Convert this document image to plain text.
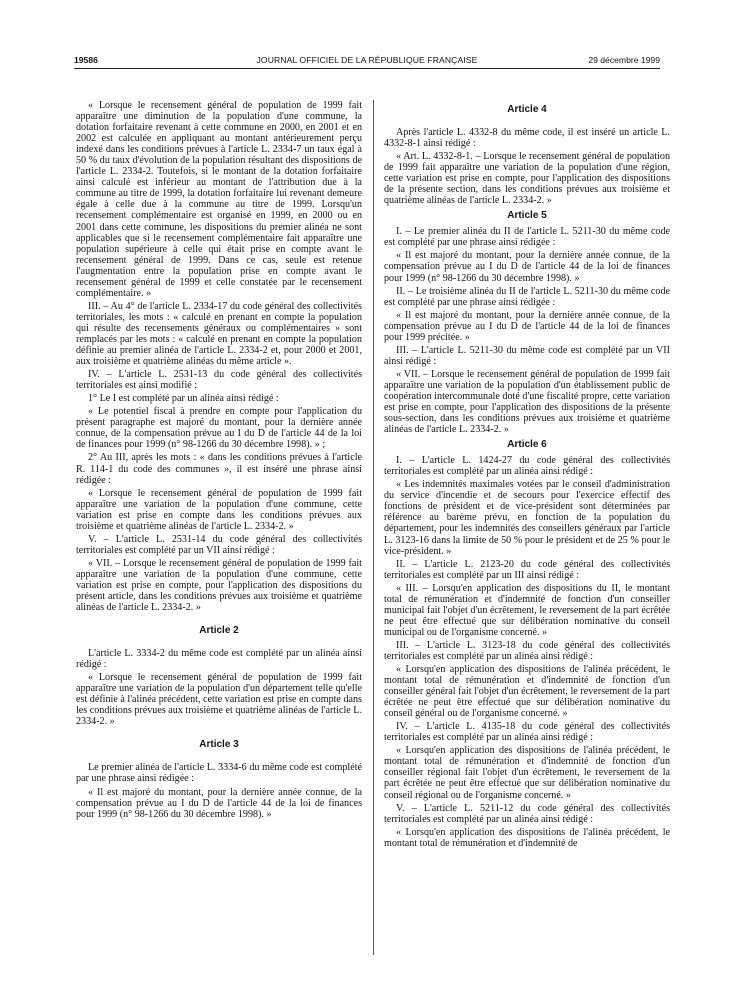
19586	JOURNAL OFFICIEL DE LA RÉPUBLIQUE FRANÇAISE	29 décembre 1999

« Lorsque le recensement général de population de 1999 fait apparaître une diminution de la population d'une commune, la dotation forfaitaire revenant à cette commune en 2000, en 2001 et en 2002 est calculée en appliquant au montant antérieurement perçu indexé dans les conditions prévues à l'article L. 2334-7 un taux égal à 50 % du taux d'évolution de la population résultant des dispositions de l'article L. 2334-2. Toutefois, si le montant de la dotation forfaitaire ainsi calculé est inférieur au montant de l'attribution due à la commune au titre de 1999, la dotation forfaitaire lui revenant demeure égale à celle due à la commune au titre de 1999. Lorsqu'un recensement complémentaire est organisé en 1999, en 2000 ou en 2001 dans cette commune, les dispositions du premier alinéa ne sont applicables que si le recensement complémentaire fait apparaître une population supérieure à celle qui était prise en compte avant le recensement général de 1999. Dans ce cas, seule est retenue l'augmentation entre la population prise en compte avant le recensement général de 1999 et celle constatée par le recensement complémentaire. »

III. – Au 4° de l'article L. 2334-17 du code général des collectivités territoriales, les mots : « calculé en prenant en compte la population qui résulte des recensements généraux ou complémentaires » sont remplacés par les mots : « calculé en prenant en compte la population définie au premier alinéa de l'article L. 2334-2 et, pour 2000 et 2001, aux troisième et quatrième alinéas du même article ».

IV. – L'article L. 2531-13 du code général des collectivités territoriales est ainsi modifié :

1° Le I est complété par un alinéa ainsi rédigé :

« Le potentiel fiscal à prendre en compte pour l'application du présent paragraphe est majoré du montant, pour la dernière année connue, de la compensation prévue au I du D de l'article 44 de la loi de finances pour 1999 (n° 98-1266 du 30 décembre 1998). » ;

2° Au III, après les mots : « dans les conditions prévues à l'article R. 114-1 du code des communes », il est inséré une phrase ainsi rédigée :

« Lorsque le recensement général de population de 1999 fait apparaître une variation de la population d'une commune, cette variation est prise en compte dans les conditions prévues aux troisième et quatrième alinéas de l'article L. 2334-2. »

V. – L'article L. 2531-14 du code général des collectivités territoriales est complété par un VII ainsi rédigé :

« VII. – Lorsque le recensement général de population de 1999 fait apparaître une variation de la population d'une commune, cette variation est prise en compte, pour l'application des dispositions du présent article, dans les conditions prévues aux troisième et quatrième alinéas de l'article L. 2334-2. »

Article 2

L'article L. 3334-2 du même code est complété par un alinéa ainsi rédigé :

« Lorsque le recensement général de population de 1999 fait apparaître une variation de la population d'un département telle qu'elle est définie à l'alinéa précédent, cette variation est prise en compte dans les conditions prévues aux troisième et quatrième alinéas de l'article L. 2334-2. »

Article 3

Le premier alinéa de l'article L. 3334-6 du même code est complété par une phrase ainsi rédigée :

« Il est majoré du montant, pour la dernière année connue, de la compensation prévue au I du D de l'article 44 de la loi de finances pour 1999 (n° 98-1266 du 30 décembre 1998). »

Article 4

Après l'article L. 4332-8 du même code, il est inséré un article L. 4332-8-1 ainsi rédigé :

« Art. L. 4332-8-1. – Lorsque le recensement général de population de 1999 fait apparaître une variation de la population d'une région, cette variation est prise en compte, pour l'application des dispositions de la présente section, dans les conditions prévues aux troisième et quatrième alinéas de l'article L. 2334-2. »

Article 5

I. – Le premier alinéa du II de l'article L. 5211-30 du même code est complété par une phrase ainsi rédigée :

« Il est majoré du montant, pour la dernière année connue, de la compensation prévue au I du D de l'article 44 de la loi de finances pour 1999 (n° 98-1266 du 30 décembre 1998). »

II. – Le troisième alinéa du II de l'article L. 5211-30 du même code est complété par une phrase ainsi rédigée :

« Il est majoré du montant, pour la dernière année connue, de la compensation prévue au I du D de l'article 44 de la loi de finances pour 1999 précitée. »

III. – L'article L. 5211-30 du même code est complété par un VII ainsi rédigé :

« VII. – Lorsque le recensement général de population de 1999 fait apparaître une variation de la population d'un établissement public de coopération intercommunale doté d'une fiscalité propre, cette variation est prise en compte, pour l'application des dispositions de la présente sous-section, dans les conditions prévues aux troisième et quatrième alinéas de l'article L. 2334-2. »

Article 6

I. – L'article L. 1424-27 du code général des collectivités territoriales est complété par un alinéa ainsi rédigé :

« Les indemnités maximales votées par le conseil d'administration du service d'incendie et de secours pour l'exercice effectif des fonctions de président et de vice-président sont déterminées par référence au barème prévu, en fonction de la population du département, pour les indemnités des conseillers généraux par l'article L. 3123-16 dans la limite de 50 % pour le président et de 25 % pour le vice-président. »

II. – L'article L. 2123-20 du code général des collectivités territoriales est complété par un III ainsi rédigé :

« III. – Lorsqu'en application des dispositions du II, le montant total de rémunération et d'indemnité de fonction d'un conseiller municipal fait l'objet d'un écrêtement, le reversement de la part écrêtée ne peut être effectué que sur délibération nominative du conseil municipal ou de l'organisme concerné. »

III. – L'article L. 3123-18 du code général des collectivités territoriales est complété par un alinéa ainsi rédigé :

« Lorsqu'en application des dispositions de l'alinéa précédent, le montant total de rémunération et d'indemnité de fonction d'un conseiller général fait l'objet d'un écrêtement, le reversement de la part écrêtée ne peut être effectué que sur délibération nominative du conseil général ou de l'organisme concerné. »

IV. – L'article L. 4135-18 du code général des collectivités territoriales est complété par un alinéa ainsi rédigé :

« Lorsqu'en application des dispositions de l'alinéa précédent, le montant total de rémunération et d'indemnité de fonction d'un conseiller régional fait l'objet d'un écrêtement, le reversement de la part écrêtée ne peut être effectué que sur délibération nominative du conseil régional ou de l'organisme concerné. »

V. – L'article L. 5211-12 du code général des collectivités territoriales est complété par un alinéa ainsi rédigé :

« Lorsqu'en application des dispositions de l'alinéa précédent, le montant total de rémunération et d'indemnité de
